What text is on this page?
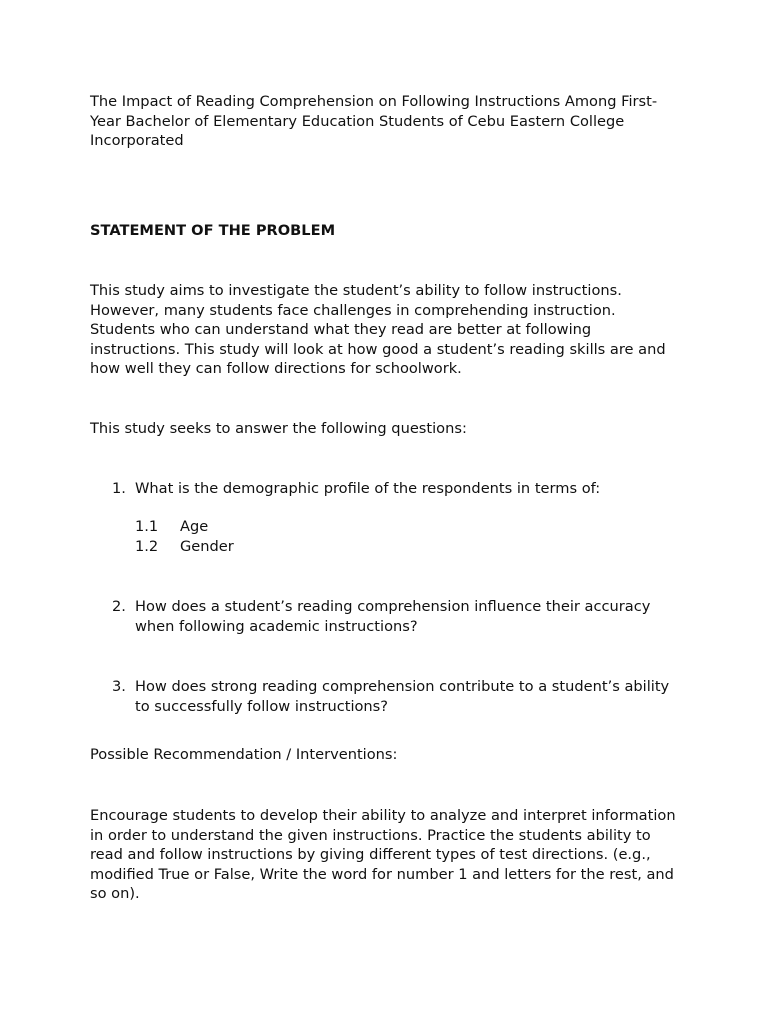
The Impact of Reading Comprehension on Following Instructions Among First-Year Bachelor of Elementary Education Students of Cebu Eastern College Incorporated
STATEMENT OF THE PROBLEM
This study aims to investigate the student’s ability to follow instructions. However, many students face challenges in comprehending instruction. Students who can understand what they read are better at following instructions. This study will look at how good a student’s reading skills are and how well they can follow directions for schoolwork.
This study seeks to answer the following questions:
1. What is the demographic profile of the respondents in terms of:
1.1 Age
1.2 Gender
2. How does a student’s reading comprehension influence their accuracy when following academic instructions?
3. How does strong reading comprehension contribute to a student’s ability to successfully follow instructions?
Possible Recommendation / Interventions:
Encourage students to develop their ability to analyze and interpret information in order to understand the given instructions. Practice the students ability to read and follow instructions by giving different types of test directions. (e.g., modified True or False, Write the word for number 1 and letters for the rest, and so on).
